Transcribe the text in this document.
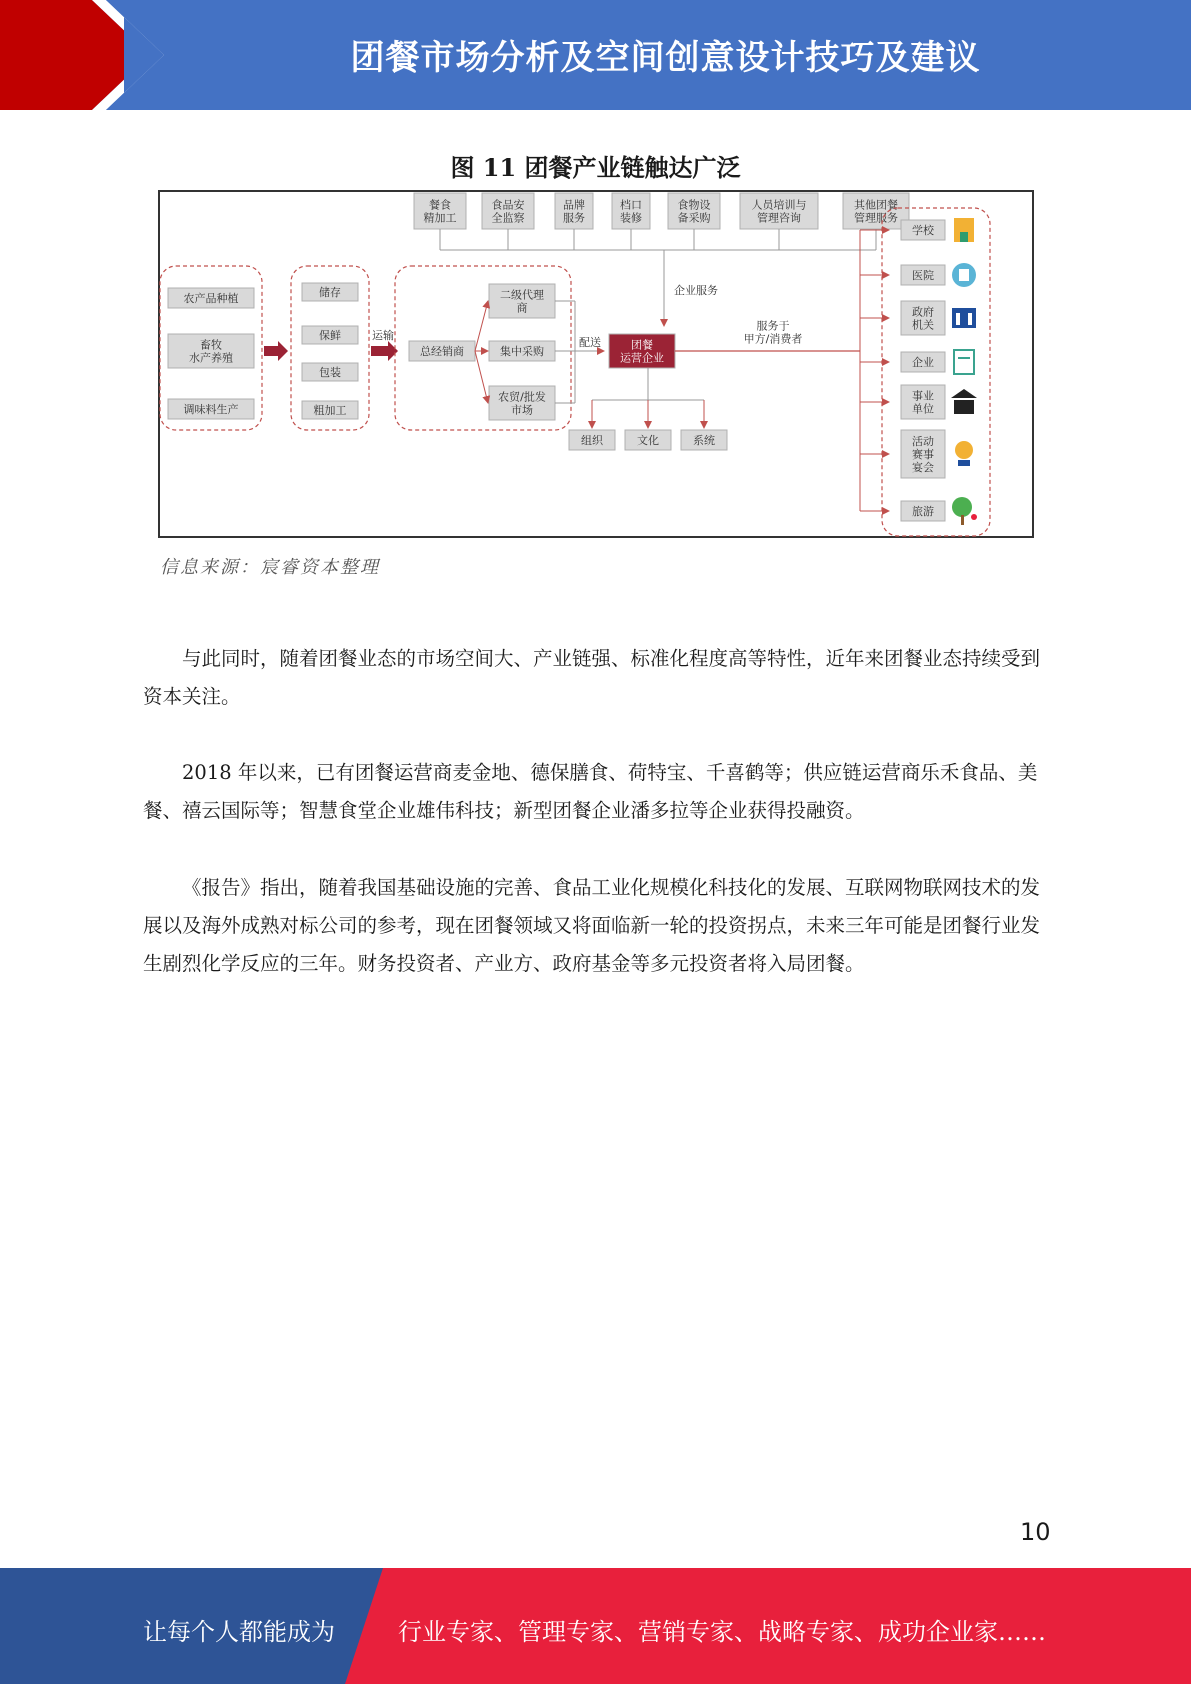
团餐市场分析及空间创意设计技巧及建议
图 11 团餐产业链触达广泛
餐食精加工
食品安全监察
品牌服务
档口装修
食物设备采购
人员培训与管理咨询
其他团餐管理服务
企业服务
农产品种植
畜牧水产养殖
调味料生产
储存
保鲜
包装
粗加工
运输
总经销商
二级代理商
集中采购
农贸/批发市场
配送	团餐运营企业
组织	文化	系统
服务于甲方/消费者
学校
医院
政府机关
企业
事业单位
活动赛事宴会
旅游
信息来源：宸睿资本整理

与此同时，随着团餐业态的市场空间大、产业链强、标准化程度高等特性，近年来团餐业态持续受到资本关注。

2018 年以来，已有团餐运营商麦金地、德保膳食、荷特宝、千喜鹤等；供应链运营商乐禾食品、美餐、禧云国际等；智慧食堂企业雄伟科技；新型团餐企业潘多拉等企业获得投融资。

《报告》指出，随着我国基础设施的完善、食品工业化规模化科技化的发展、互联网物联网技术的发展以及海外成熟对标公司的参考，现在团餐领域又将面临新一轮的投资拐点，未来三年可能是团餐行业发生剧烈化学反应的三年。财务投资者、产业方、政府基金等多元投资者将入局团餐。

10
让每个人都能成为	行业专家、管理专家、营销专家、战略专家、成功企业家……
